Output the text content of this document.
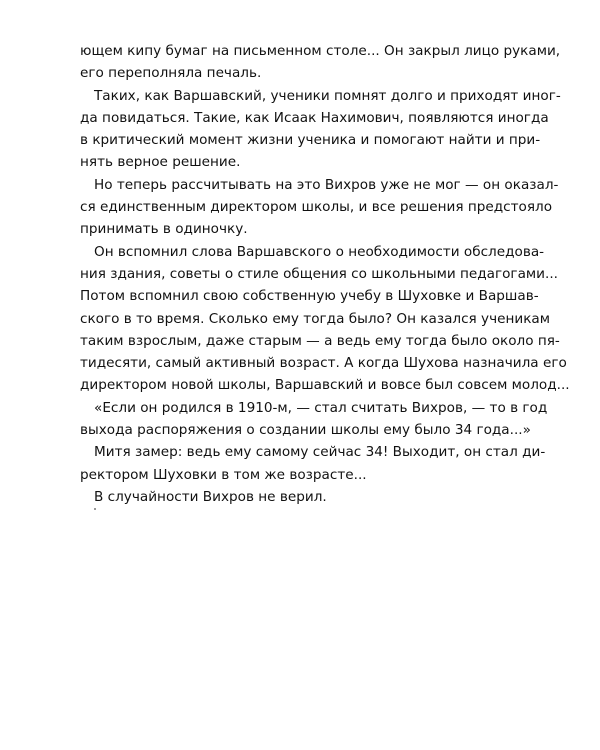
ющем кипу бумаг на письменном столе... Он закрыл лицо руками,
его переполняла печаль.

Таких, как Варшавский, ученики помнят долго и приходят иног-
да повидаться. Такие, как Исаак Нахимович, появляются иногда
в критический момент жизни ученика и помогают найти и при-
нять верное решение.

Но теперь рассчитывать на это Вихров уже не мог — он оказал-
ся единственным директором школы, и все решения предстояло
принимать в одиночку.

Он вспомнил слова Варшавского о необходимости обследова-
ния здания, советы о стиле общения со школьными педагогами...
Потом вспомнил свою собственную учебу в Шуховке и Варшав-
ского в то время. Сколько ему тогда было? Он казался ученикам
таким взрослым, даже старым — а ведь ему тогда было около пя-
тидесяти, самый активный возраст. А когда Шухова назначила его
директором новой школы, Варшавский и вовсе был совсем молод...

«Если он родился в 1910-м, — стал считать Вихров, — то в год
выхода распоряжения о создании школы ему было 34 года...»

Митя замер: ведь ему самому сейчас 34! Выходит, он стал ди-
ректором Шуховки в том же возрасте...

В случайности Вихров не верил.
